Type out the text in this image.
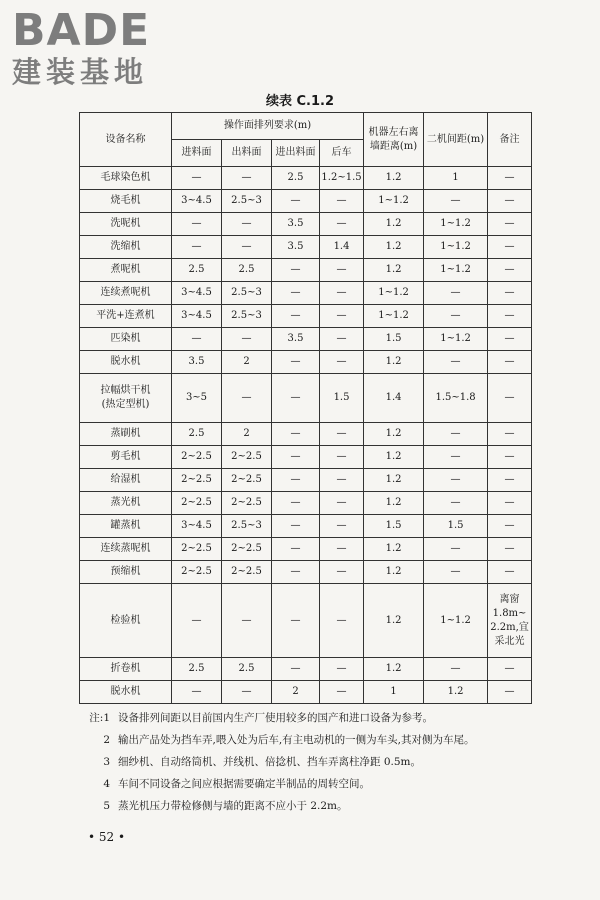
BADE
建装基地
续表 C.1.2
设备名称	操作面排列要求(m)				机器左右离墙距离(m)	二机间距(m)	备注
	进料面	出料面	进出料面	后车			
毛球染色机	—	—	2.5	1.2~1.5	1.2	1	—
烧毛机	3~4.5	2.5~3	—	—	1~1.2	—	—
洗呢机	—	—	3.5	—	1.2	1~1.2	—
洗缩机	—	—	3.5	1.4	1.2	1~1.2	—
煮呢机	2.5	2.5	—	—	1.2	1~1.2	—
连续煮呢机	3~4.5	2.5~3	—	—	1~1.2	—	—
平洗+连煮机	3~4.5	2.5~3	—	—	1~1.2	—	—
匹染机	—	—	3.5	—	1.5	1~1.2	—
脱水机	3.5	2	—	—	1.2	—	—
拉幅烘干机
(热定型机)	3~5	—	—	1.5	1.4	1.5~1.8	—
蒸刷机	2.5	2	—	—	1.2	—	—
剪毛机	2~2.5	2~2.5	—	—	1.2	—	—
给湿机	2~2.5	2~2.5	—	—	1.2	—	—
蒸光机	2~2.5	2~2.5	—	—	1.2	—	—
罐蒸机	3~4.5	2.5~3	—	—	1.5	1.5	—
连续蒸呢机	2~2.5	2~2.5	—	—	1.2	—	—
预缩机	2~2.5	2~2.5	—	—	1.2	—	—
检验机	—	—	—	—	1.2	1~1.2	离窗
1.8m~
2.2m,宜
采北光
折卷机	2.5	2.5	—	—	1.2	—	—
脱水机	—	—	2	—	1	1.2	—
注:1 设备排列间距以目前国内生产厂使用较多的国产和进口设备为参考。
2 输出产品处为挡车弄,喂入处为后车,有主电动机的一侧为车头,其对侧为车尾。
3 细纱机、自动络筒机、并线机、倍捻机、挡车弄离柱净距 0.5m。
4 车间不同设备之间应根据需要确定半制品的周转空间。
5 蒸光机压力带检修侧与墙的距离不应小于 2.2m。
• 52 •
